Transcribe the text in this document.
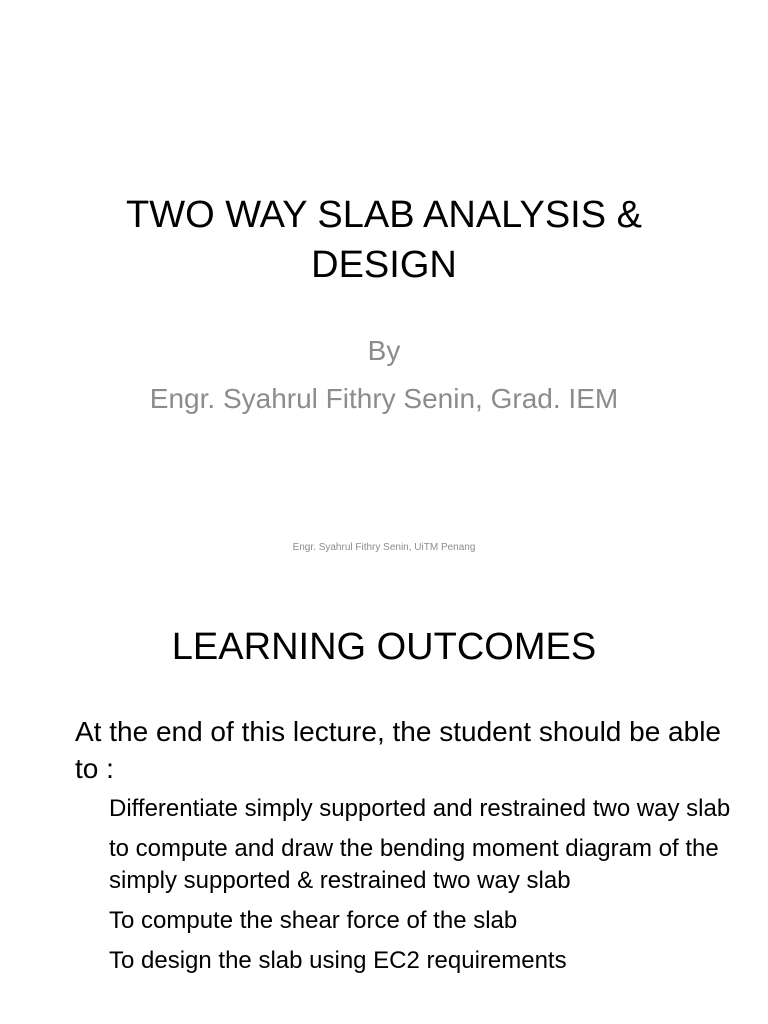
TWO WAY SLAB ANALYSIS &
DESIGN

By

Engr. Syahrul Fithry Senin, Grad. IEM

Engr. Syahrul Fithry Senin, UiTM Penang
LEARNING OUTCOMES

At the end of this lecture, the student should be able to :

Differentiate simply supported and restrained two way slab
to compute and draw the bending moment diagram of the simply supported & restrained two way slab
To compute the shear force of the slab
To design the slab using EC2 requirements
